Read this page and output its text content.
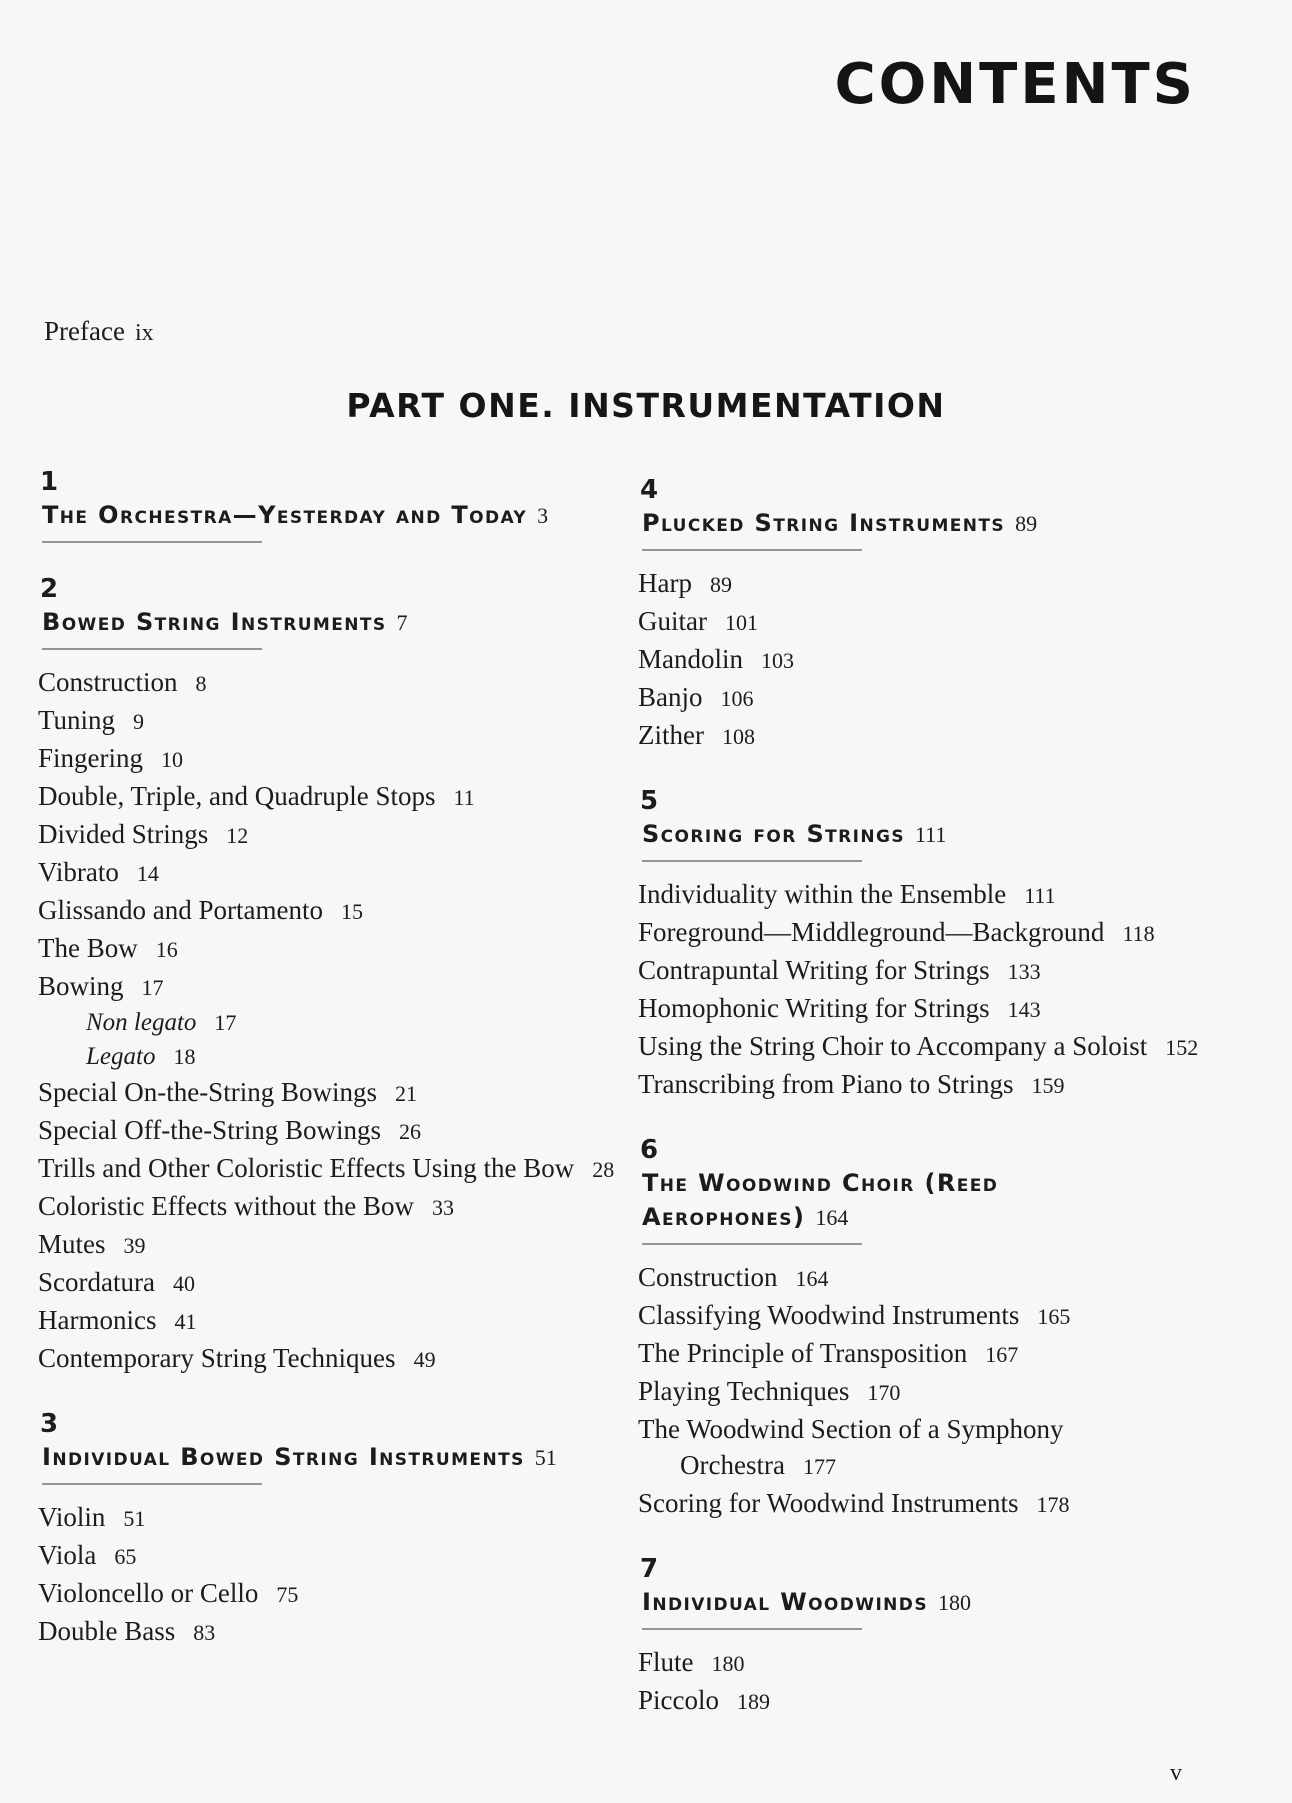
CONTENTS
Preface ix
PART ONE. INSTRUMENTATION
1
The Orchestra—Yesterday and Today 3
2
Bowed String Instruments 7
Construction 8
Tuning 9
Fingering 10
Double, Triple, and Quadruple Stops 11
Divided Strings 12
Vibrato 14
Glissando and Portamento 15
The Bow 16
Bowing 17
Non legato 17
Legato 18
Special On-the-String Bowings 21
Special Off-the-String Bowings 26
Trills and Other Coloristic Effects Using the Bow 28
Coloristic Effects without the Bow 33
Mutes 39
Scordatura 40
Harmonics 41
Contemporary String Techniques 49
3
Individual Bowed String Instruments 51
Violin 51
Viola 65
Violoncello or Cello 75
Double Bass 83
4
Plucked String Instruments 89
Harp 89
Guitar 101
Mandolin 103
Banjo 106
Zither 108
5
Scoring for Strings 111
Individuality within the Ensemble 111
Foreground—Middleground—Background 118
Contrapuntal Writing for Strings 133
Homophonic Writing for Strings 143
Using the String Choir to Accompany a Soloist 152
Transcribing from Piano to Strings 159
6
The Woodwind Choir (Reed Aerophones) 164
Construction 164
Classifying Woodwind Instruments 165
The Principle of Transposition 167
Playing Techniques 170
The Woodwind Section of a Symphony Orchestra 177
Scoring for Woodwind Instruments 178
7
Individual Woodwinds 180
Flute 180
Piccolo 189
v
